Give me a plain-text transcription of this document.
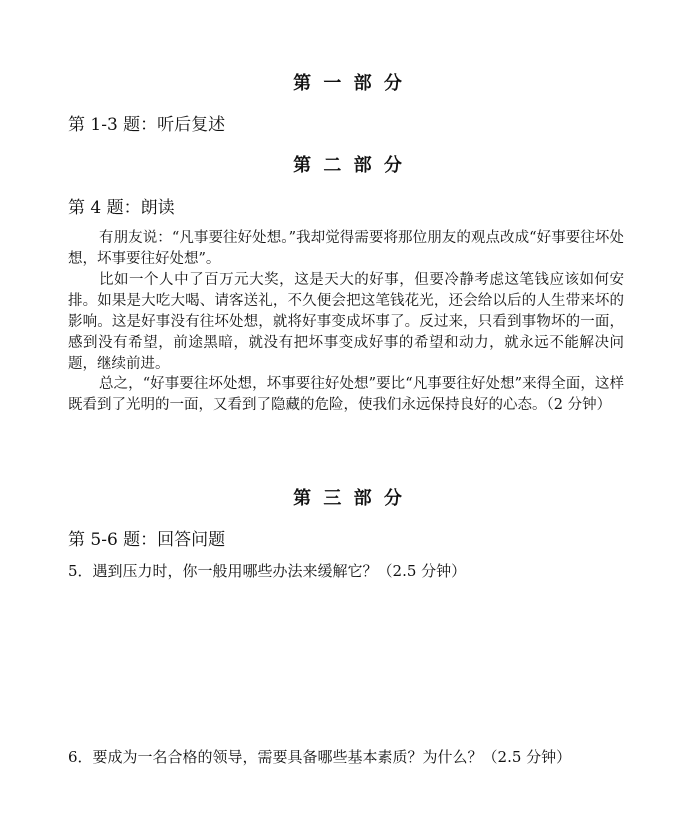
第 一 部 分
第 1-3 题：听后复述
第 二 部 分
第 4 题：朗读

有朋友说：“凡事要往好处想。”我却觉得需要将那位朋友的观点改成“好事要往坏处想，坏事要往好处想”。

比如一个人中了百万元大奖，这是天大的好事，但要冷静考虑这笔钱应该如何安排。如果是大吃大喝、请客送礼，不久便会把这笔钱花光，还会给以后的人生带来坏的影响。这是好事没有往坏处想，就将好事变成坏事了。反过来，只看到事物坏的一面，感到没有希望，前途黑暗，就没有把坏事变成好事的希望和动力，就永远不能解决问题，继续前进。

总之，“好事要往坏处想，坏事要往好处想”要比“凡事要往好处想”来得全面，这样既看到了光明的一面，又看到了隐藏的危险，使我们永远保持良好的心态。（2 分钟）

第 三 部 分
第 5-6 题：回答问题
5．遇到压力时，你一般用哪些办法来缓解它？（2.5 分钟）
6．要成为一名合格的领导，需要具备哪些基本素质？为什么？（2.5 分钟）
